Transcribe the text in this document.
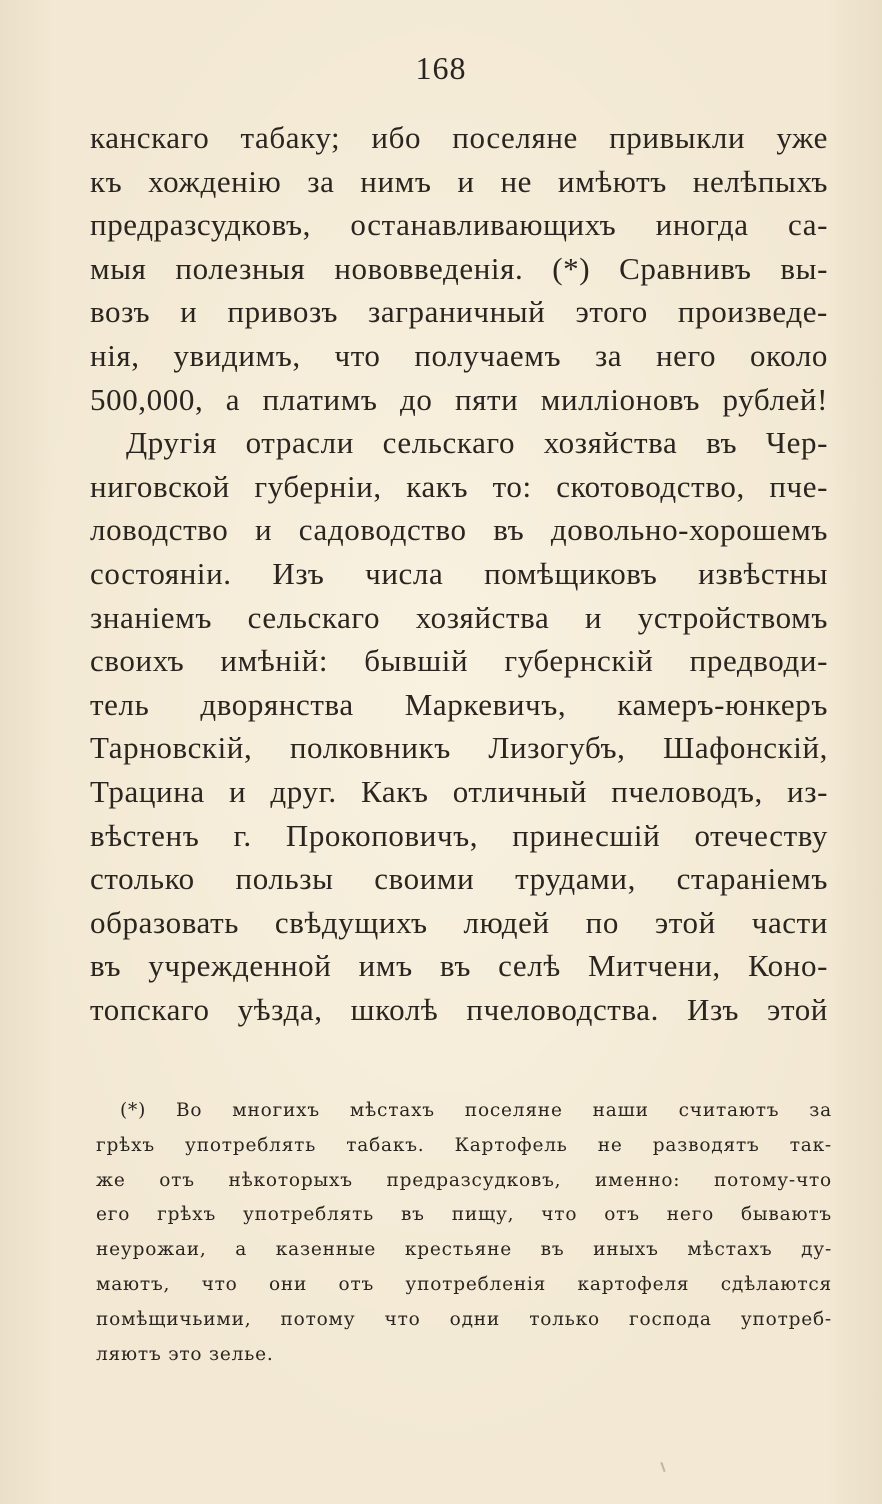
168
канскаго табаку; ибо поселяне привыкли уже
къ хожденію за нимъ и не имѣютъ нелѣпыхъ
предразсудковъ, останавливающихъ иногда са-
мыя полезныя нововведенія. (*) Сравнивъ вы-
возъ и привозъ заграничный этого произведе-
нія, увидимъ, что получаемъ за него около
500,000, а платимъ до пяти милліоновъ рублей!
Другія отрасли сельскаго хозяйства въ Чер-
ниговской губерніи, какъ то: скотоводство, пче-
ловодство и садоводство въ довольно-хорошемъ
состояніи. Изъ числа помѣщиковъ извѣстны
знаніемъ сельскаго хозяйства и устройствомъ
своихъ имѣній: бывшій губернскій предводи-
тель дворянства Маркевичъ, камеръ-юнкеръ
Тарновскій, полковникъ Лизогубъ, Шафонскій,
Трацина и друг. Какъ отличный пчеловодъ, из-
вѣстенъ г. Прокоповичъ, принесшій отечеству
столько пользы своими трудами, стараніемъ
образовать свѣдущихъ людей по этой части
въ учрежденной имъ въ селѣ Митчени, Коно-
топскаго уѣзда, школѣ пчеловодства. Изъ этой
(*) Во многихъ мѣстахъ поселяне наши считаютъ за
грѣхъ употреблять табакъ. Картофель не разводятъ так-
же отъ нѣкоторыхъ предразсудковъ, именно: потому-что
его грѣхъ употреблять въ пищу, что отъ него бываютъ
неурожаи, а казенные крестьяне въ иныхъ мѣстахъ ду-
маютъ, что они отъ употребленія картофеля сдѣлаются
помѣщичьими, потому что одни только господа употреб-
ляютъ это зелье.
